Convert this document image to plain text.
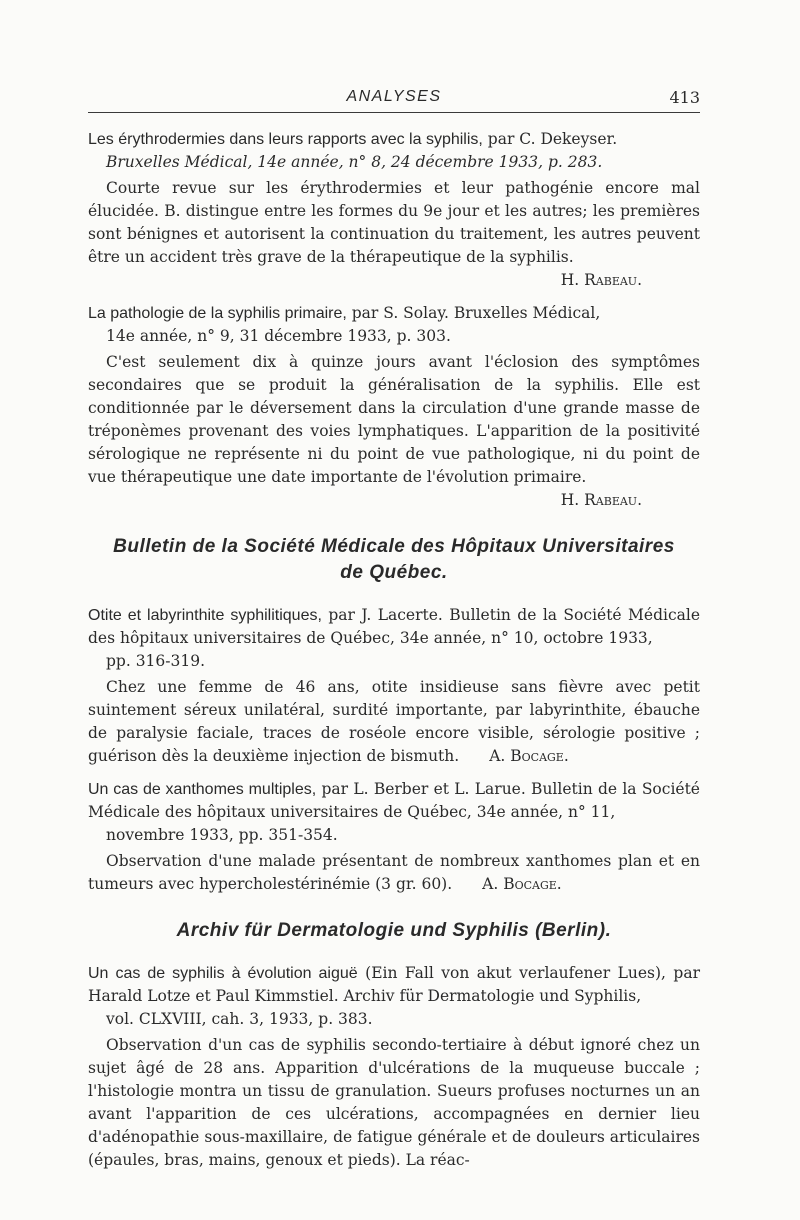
ANALYSES	413

Les érythrodermies dans leurs rapports avec la syphilis, par C. Dekeyser.

Bruxelles Médical, 14e année, n° 8, 24 décembre 1933, p. 283.

Courte revue sur les érythrodermies et leur pathogénie encore mal élucidée. B. distingue entre les formes du 9e jour et les autres; les premières sont bénignes et autorisent la continuation du traitement, les autres peuvent être un accident très grave de la thérapeutique de la syphilis.

H. Rabeau.

La pathologie de la syphilis primaire, par S. Solay. Bruxelles Médical,

14e année, n° 9, 31 décembre 1933, p. 303.

C'est seulement dix à quinze jours avant l'éclosion des symptômes secondaires que se produit la généralisation de la syphilis. Elle est conditionnée par le déversement dans la circulation d'une grande masse de tréponèmes provenant des voies lymphatiques. L'apparition de la positivité sérologique ne représente ni du point de vue pathologique, ni du point de vue thérapeutique une date importante de l'évolution primaire.

H. Rabeau.

Bulletin de la Société Médicale des Hôpitaux Universitaires
de Québec.

Otite et labyrinthite syphilitiques, par J. Lacerte. Bulletin de la Société Médicale des hôpitaux universitaires de Québec, 34e année, n° 10, octobre 1933,

pp. 316-319.

Chez une femme de 46 ans, otite insidieuse sans fièvre avec petit suintement séreux unilatéral, surdité importante, par labyrinthite, ébauche de paralysie faciale, traces de roséole encore visible, sérologie positive ; guérison dès la deuxième injection de bismuth. A. Bocage.

Un cas de xanthomes multiples, par L. Berber et L. Larue. Bulletin de la Société Médicale des hôpitaux universitaires de Québec, 34e année, n° 11,

novembre 1933, pp. 351-354.

Observation d'une malade présentant de nombreux xanthomes plan et en tumeurs avec hypercholestérinémie (3 gr. 60). A. Bocage.

Archiv für Dermatologie und Syphilis (Berlin).

Un cas de syphilis à évolution aiguë (Ein Fall von akut verlaufener Lues), par Harald Lotze et Paul Kimmstiel. Archiv für Dermatologie und Syphilis,

vol. CLXVIII, cah. 3, 1933, p. 383.

Observation d'un cas de syphilis secondo-tertiaire à début ignoré chez un sujet âgé de 28 ans. Apparition d'ulcérations de la muqueuse buccale ; l'histologie montra un tissu de granulation. Sueurs profuses nocturnes un an avant l'apparition de ces ulcérations, accompagnées en dernier lieu d'adénopathie sous-maxillaire, de fatigue générale et de douleurs articulaires (épaules, bras, mains, genoux et pieds). La réac-
